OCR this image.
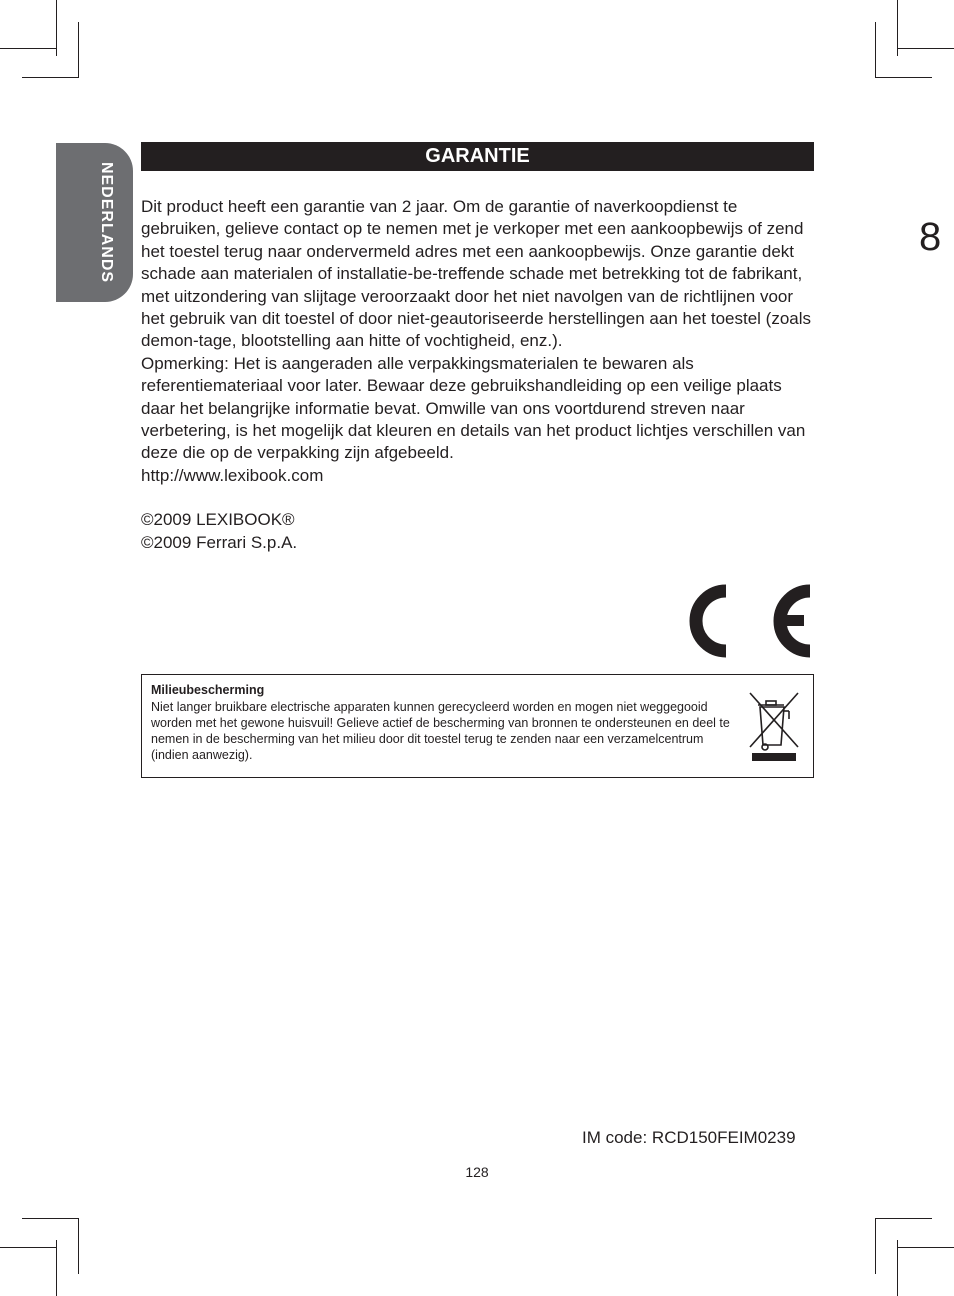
NEDERLANDS
GARANTIE
8

Dit product heeft een garantie van 2 jaar. Om de garantie of naverkoopdienst te gebruiken, gelieve contact op te nemen met je verkoper met een aankoopbewijs of zend het toestel terug naar ondervermeld adres met een aankoopbewijs. Onze garantie dekt schade aan materialen of installatie-be-treffende schade met betrekking tot de fabrikant, met uitzondering van slijtage veroorzaakt door het niet navolgen van de richtlijnen voor het gebruik van dit toestel of door niet-geautoriseerde herstellingen aan het toestel (zoals demon-tage, blootstelling aan hitte of vochtigheid, enz.).

Opmerking: Het is aangeraden alle verpakkingsmaterialen te bewaren als referentiemateriaal voor later. Bewaar deze gebruikshandleiding op een veilige plaats daar het belangrijke informatie bevat. Omwille van ons voortdurend streven naar verbetering, is het mogelijk dat kleuren en details van het product lichtjes verschillen van deze die op de verpakking zijn afgebeeld.

http://www.lexibook.com

©2009 LEXIBOOK®

©2009 Ferrari S.p.A.

Milieubescherming
Niet langer bruikbare electrische apparaten kunnen gerecycleerd worden en mogen niet weggegooid worden met het gewone huisvuil! Gelieve actief de bescherming van bronnen te ondersteunen en deel te nemen in de bescherming van het milieu door dit toestel terug te zenden naar een verzamelcentrum (indien aanwezig).
IM code: RCD150FEIM0239
128
